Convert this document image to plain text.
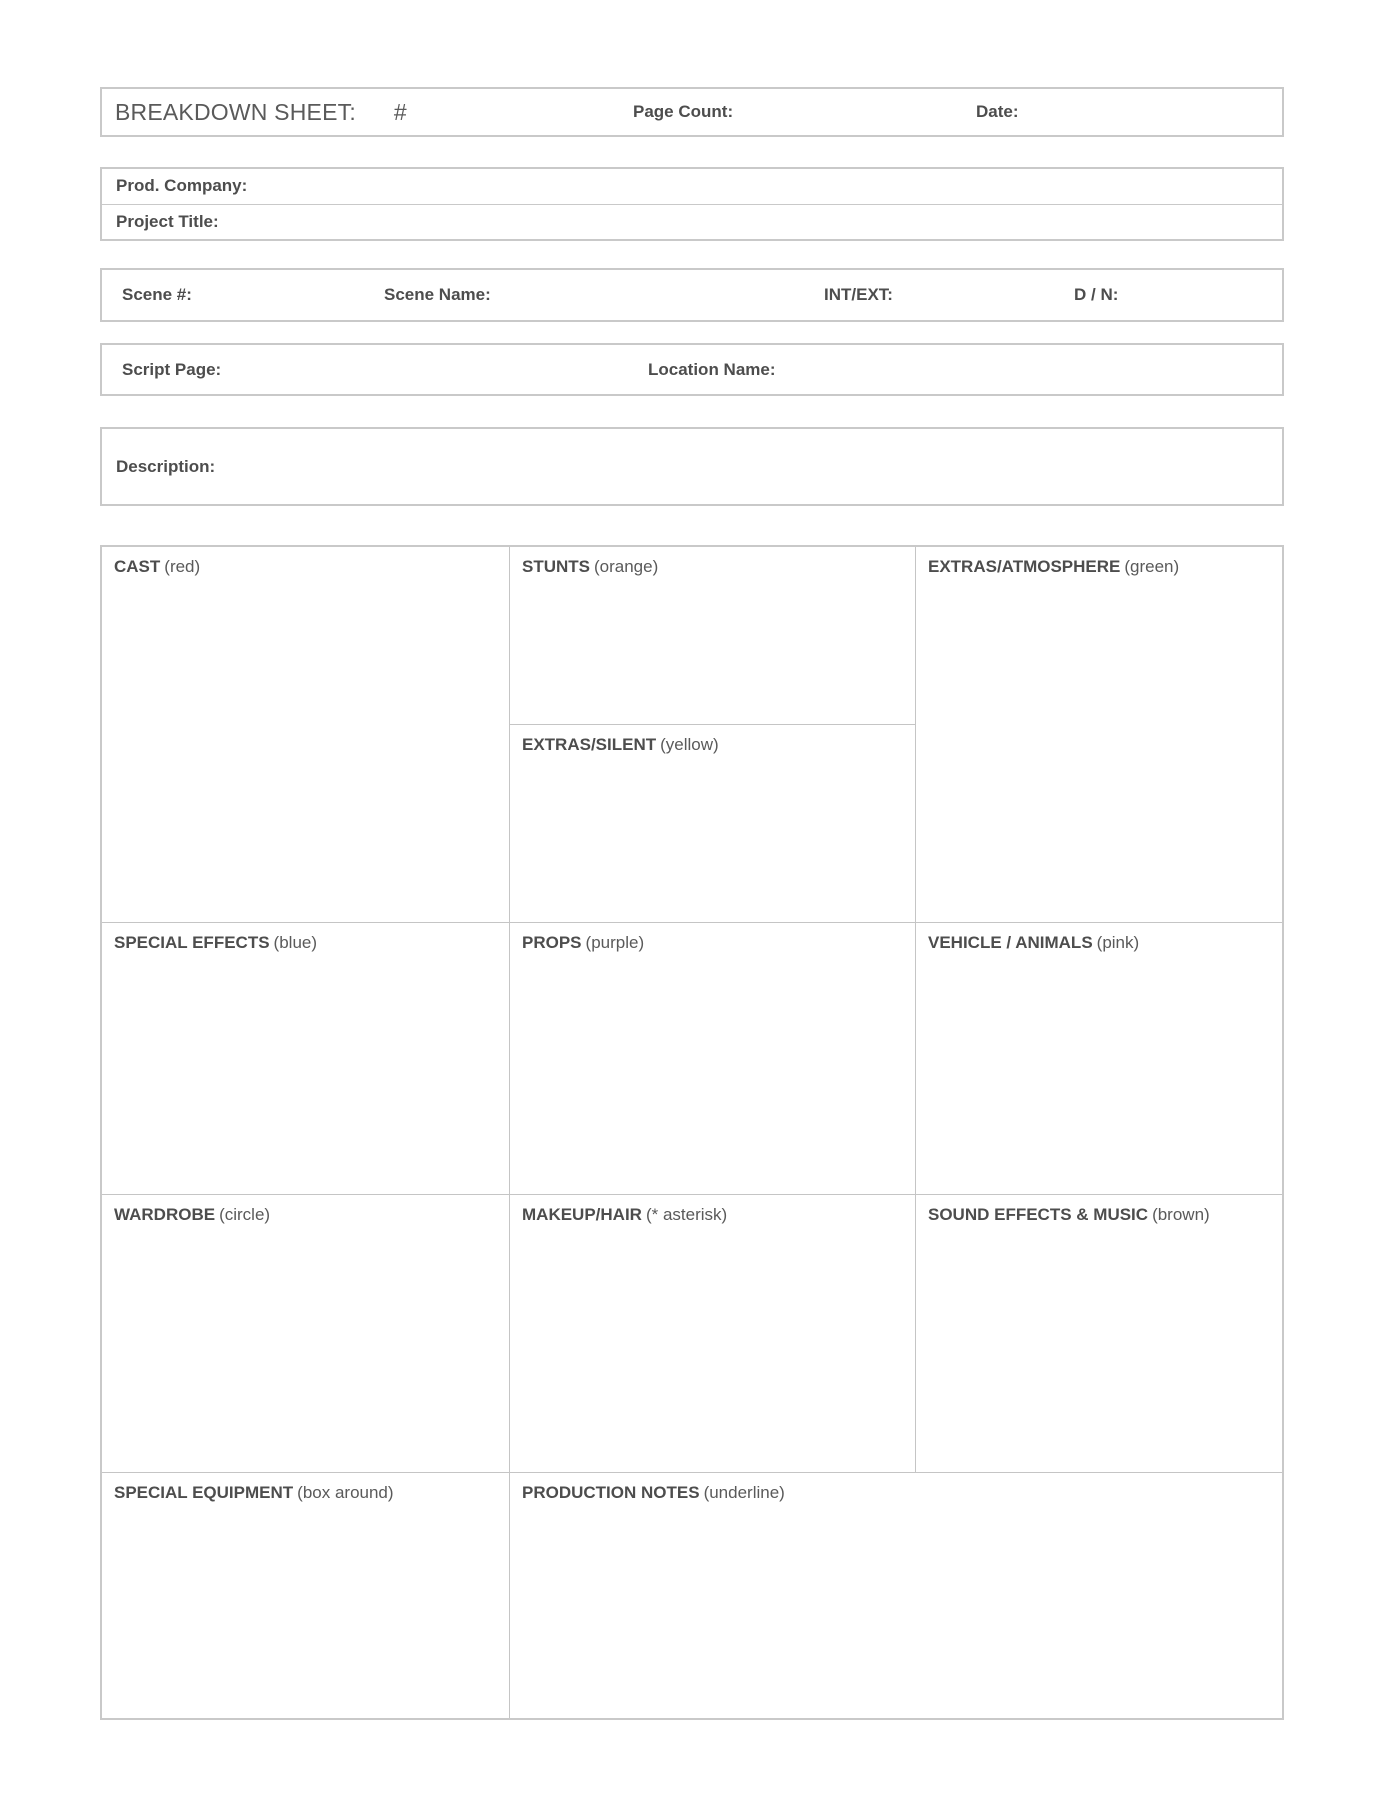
BREAKDOWN SHEET: #	Page Count:	Date:
Prod. Company:
Project Title:
Scene #:	Scene Name:	INT/EXT:	D / N:
Script Page:	Location Name:
Description:
CAST (red)	STUNTS (orange)	EXTRAS/ATMOSPHERE (green)
EXTRAS/SILENT (yellow)
SPECIAL EFFECTS (blue)	PROPS (purple)	VEHICLE / ANIMALS (pink)
WARDROBE (circle)	MAKEUP/HAIR (* asterisk)	SOUND EFFECTS & MUSIC (brown)
SPECIAL EQUIPMENT (box around)	PRODUCTION NOTES (underline)
